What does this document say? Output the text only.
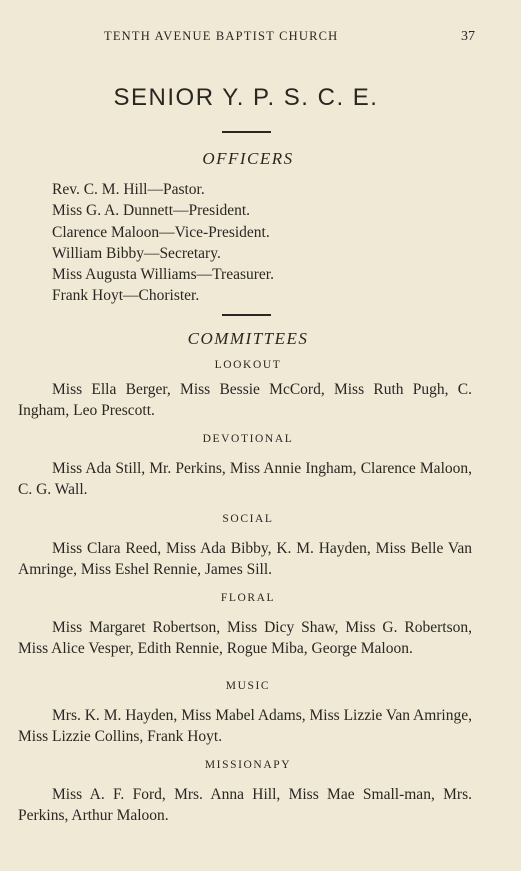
TENTH AVENUE BAPTIST CHURCH	37
SENIOR Y. P. S. C. E.
OFFICERS
Rev. C. M. Hill—Pastor.
Miss G. A. Dunnett—President.
Clarence Maloon—Vice-President.
William Bibby—Secretary.
Miss Augusta Williams—Treasurer.
Frank Hoyt—Chorister.
COMMITTEES
LOOKOUT
Miss Ella Berger, Miss Bessie McCord, Miss Ruth Pugh, C. Ingham, Leo Prescott.
DEVOTIONAL
Miss Ada Still, Mr. Perkins, Miss Annie Ingham, Clarence Maloon, C. G. Wall.
SOCIAL
Miss Clara Reed, Miss Ada Bibby, K. M. Hayden, Miss Belle Van Amringe, Miss Eshel Rennie, James Sill.
FLORAL
Miss Margaret Robertson, Miss Dicy Shaw, Miss G. Robertson, Miss Alice Vesper, Edith Rennie, Rogue Miba, George Maloon.
MUSIC
Mrs. K. M. Hayden, Miss Mabel Adams, Miss Lizzie Van Amringe, Miss Lizzie Collins, Frank Hoyt.
MISSIONAPY
Miss A. F. Ford, Mrs. Anna Hill, Miss Mae Small-man, Mrs. Perkins, Arthur Maloon.
